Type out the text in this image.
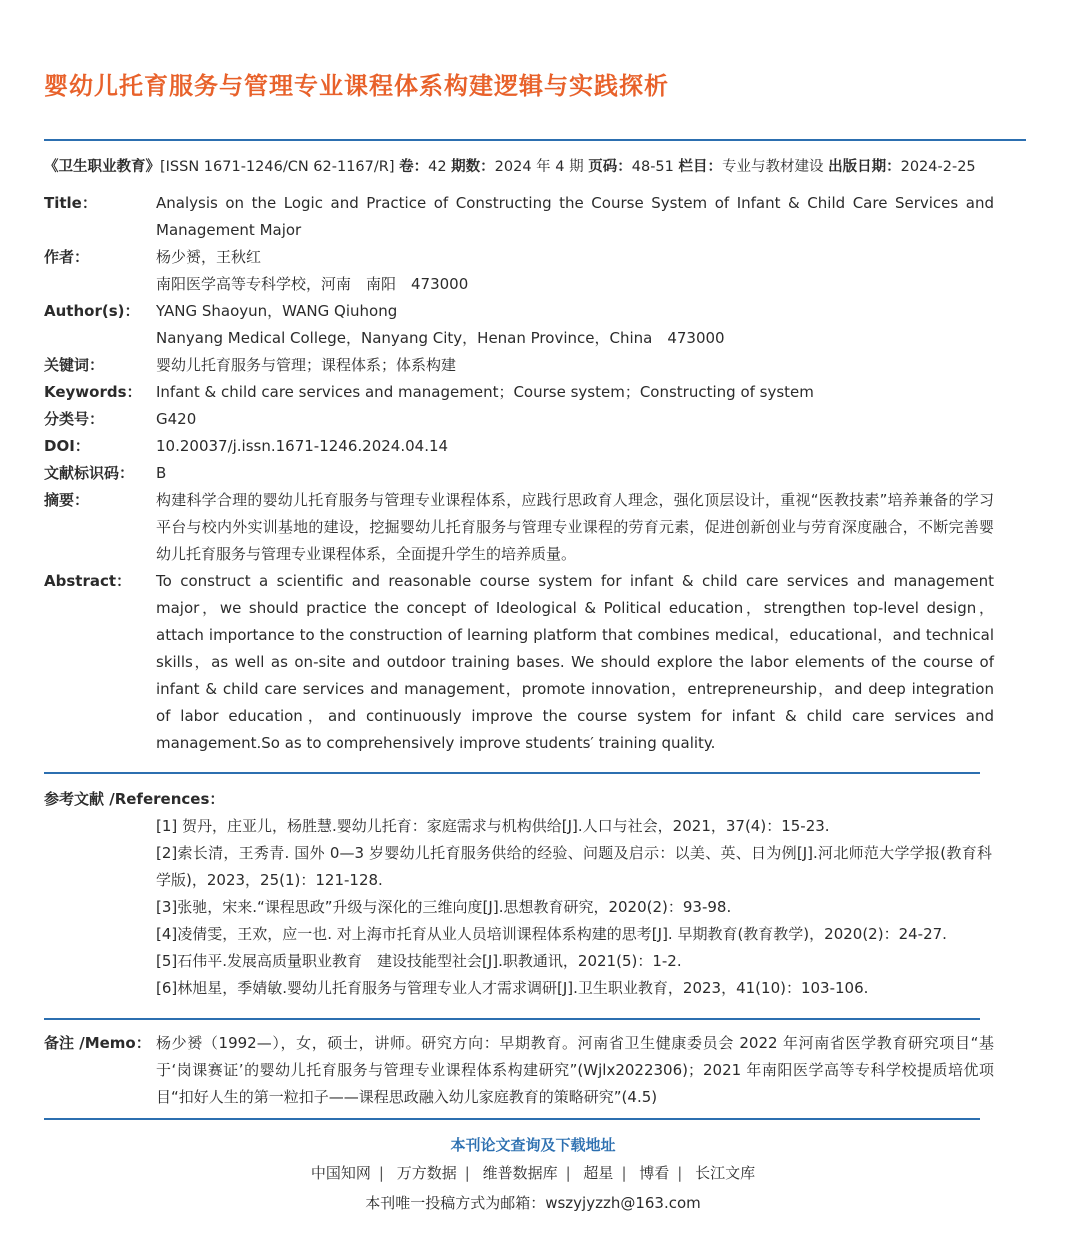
婴幼儿托育服务与管理专业课程体系构建逻辑与实践探析
《卫生职业教育》[ISSN 1671-1246/CN 62-1167/R] 卷：42 期数：2024 年 4 期 页码：48-51 栏目：专业与教材建设 出版日期：2024-2-25
Title：	Analysis on the Logic and Practice of Constructing the Course System of Infant & Child Care Services and Management Major
作者：	杨少赟，王秋红
南阳医学高等专科学校，河南　南阳　473000
Author(s)：	YANG Shaoyun，WANG Qiuhong
Nanyang Medical College，Nanyang City，Henan Province，China　473000
关键词：	婴幼儿托育服务与管理；课程体系；体系构建
Keywords： Infant & child care services and management；Course system；Constructing of system
分类号：	G420
DOI：	10.20037/j.issn.1671-1246.2024.04.14
文献标识码：	B
摘要：	构建科学合理的婴幼儿托育服务与管理专业课程体系，应践行思政育人理念，强化顶层设计，重视“医教技素”培养兼备的学习平台与校内外实训基地的建设，挖掘婴幼儿托育服务与管理专业课程的劳育元素，促进创新创业与劳育深度融合，不断完善婴幼儿托育服务与管理专业课程体系，全面提升学生的培养质量。
Abstract：	To construct a scientific and reasonable course system for infant & child care services and management major，we should practice the concept of Ideological & Political education，strengthen top-level design，attach importance to the construction of learning platform that combines medical，educational，and technical skills，as well as on-site and outdoor training bases. We should explore the labor elements of the course of infant & child care services and management，promote innovation，entrepreneurship，and deep integration of labor education，and continuously improve the course system for infant & child care services and management.So as to comprehensively improve students′ training quality.
参考文献 /References：
[1] 贺丹，庄亚儿，杨胜慧.婴幼儿托育：家庭需求与机构供给[J].人口与社会，2021，37(4)：15-23.
[2]索长清，王秀青. 国外 0—3 岁婴幼儿托育服务供给的经验、问题及启示：以美、英、日为例[J].河北师范大学学报(教育科学版)，2023，25(1)：121-128.
[3]张驰，宋来.“课程思政”升级与深化的三维向度[J].思想教育研究，2020(2)：93-98.
[4]凌倩雯，王欢，应一也. 对上海市托育从业人员培训课程体系构建的思考[J]. 早期教育(教育教学)，2020(2)：24-27.
[5]石伟平.发展高质量职业教育　建设技能型社会[J].职教通讯，2021(5)：1-2.
[6]林旭星，季婧敏.婴幼儿托育服务与管理专业人才需求调研[J].卫生职业教育，2023，41(10)：103-106.
备注 /Memo： 杨少赟（1992—），女，硕士，讲师。研究方向：早期教育。河南省卫生健康委员会 2022 年河南省医学教育研究项目“基于‘岗课赛证’的婴幼儿托育服务与管理专业课程体系构建研究”(Wjlx2022306)；2021 年南阳医学高等专科学校提质培优项目“扣好人生的第一粒扣子——课程思政融入幼儿家庭教育的策略研究”(4.5)
本刊论文查询及下载地址
中国知网 | 万方数据 | 维普数据库 | 超星 | 博看 | 长江文库
本刊唯一投稿方式为邮箱：wszyjyzzh@163.com
